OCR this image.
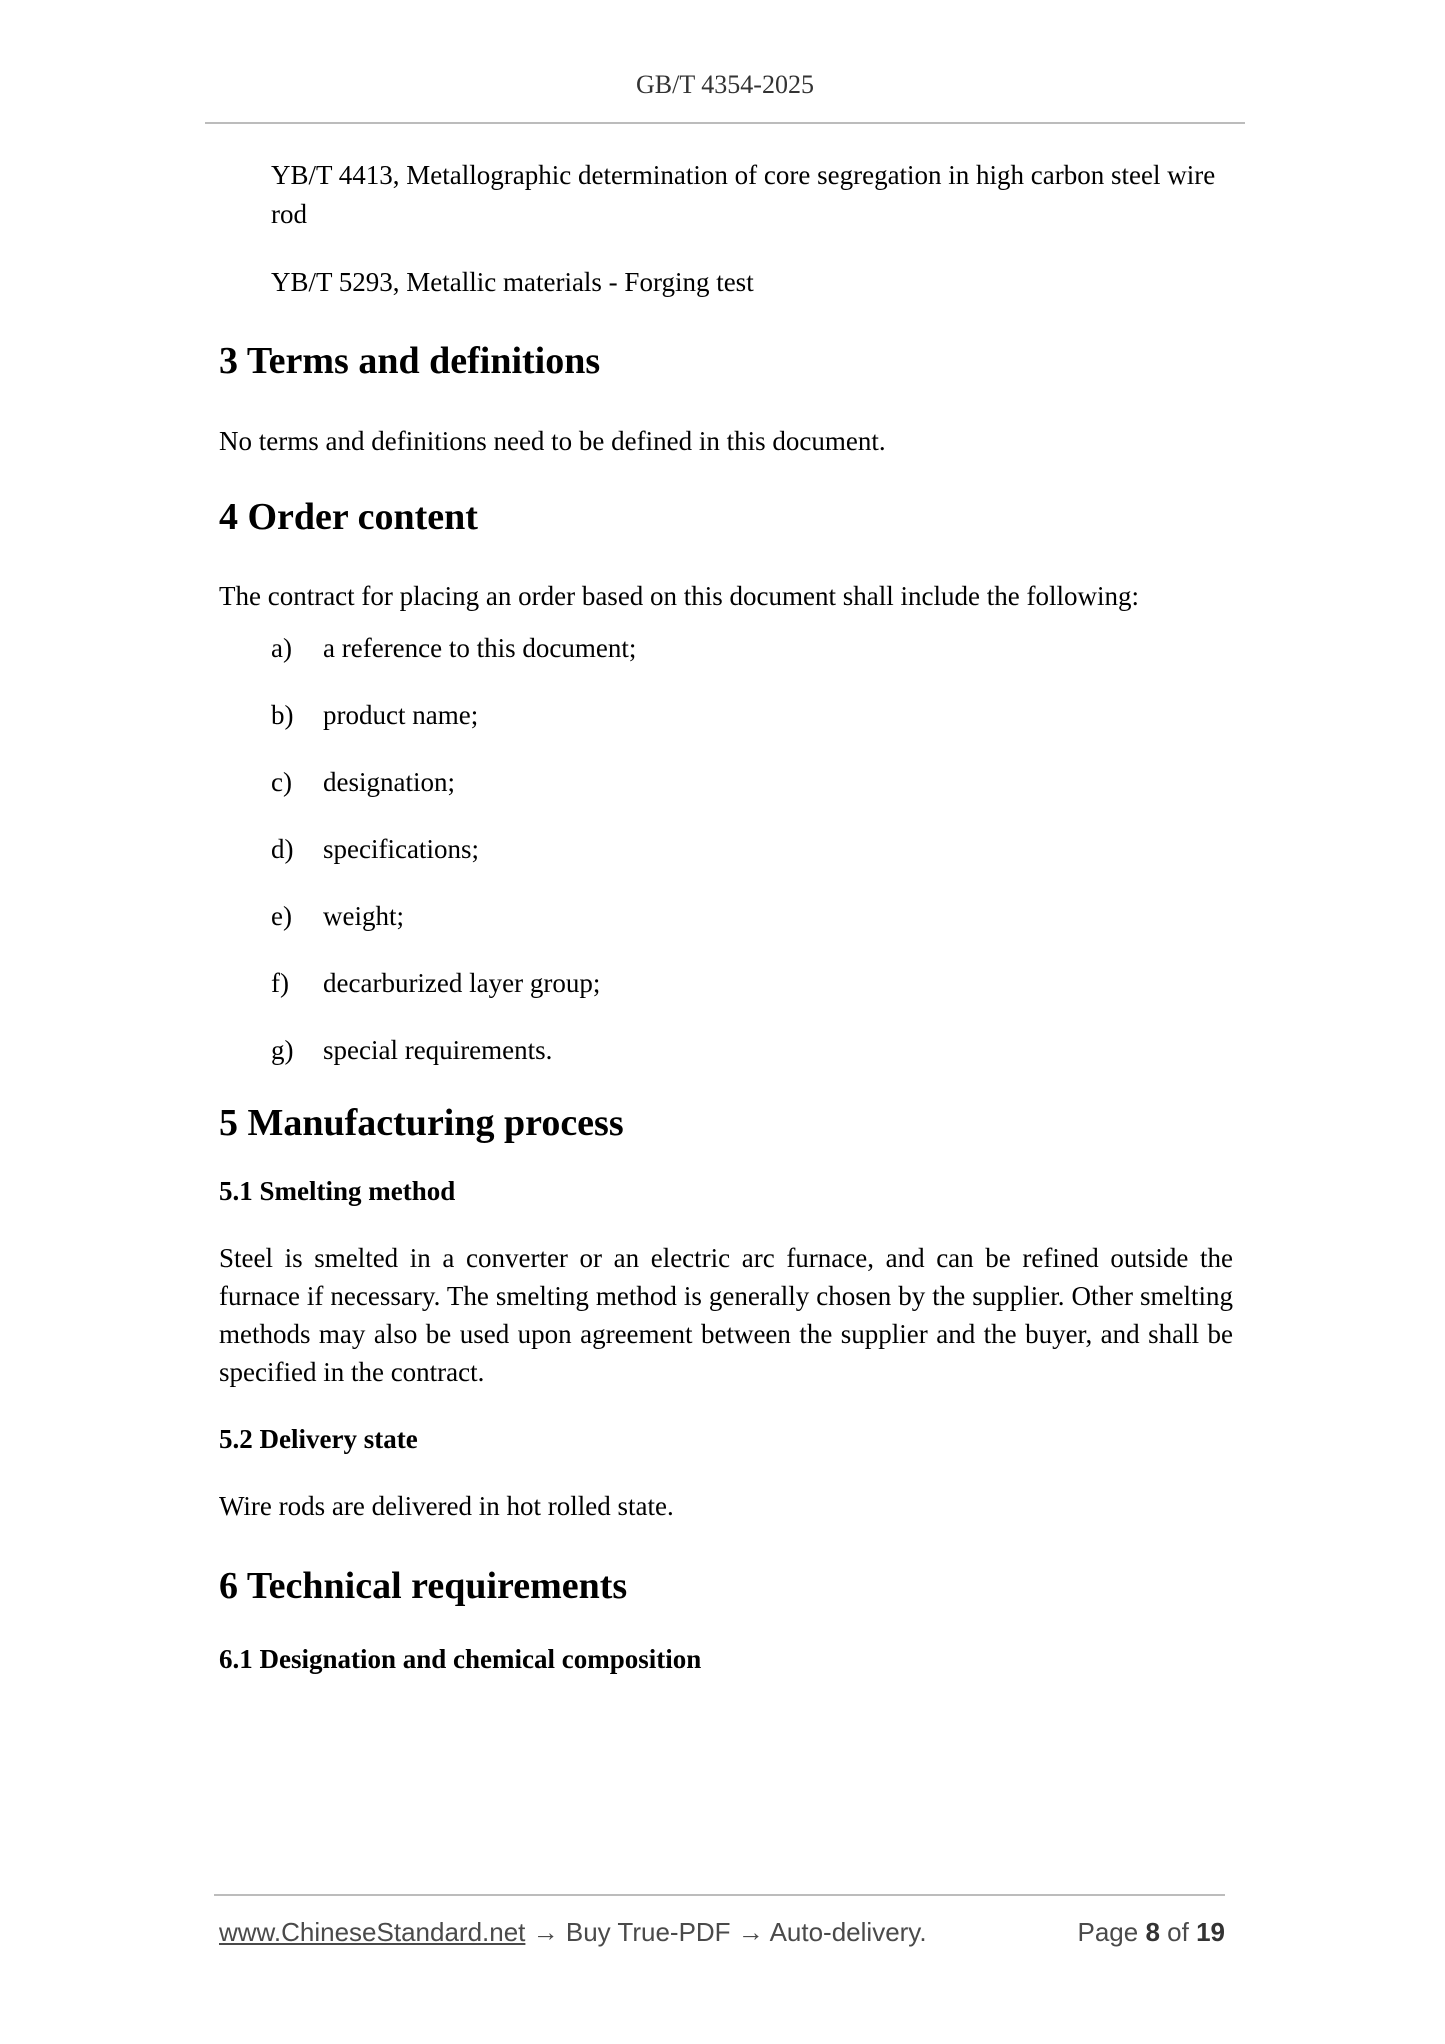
GB/T 4354-2025
YB/T 4413, Metallographic determination of core segregation in high carbon steel wire rod
YB/T 5293, Metallic materials - Forging test
3 Terms and definitions

No terms and definitions need to be defined in this document.

4 Order content

The contract for placing an order based on this document shall include the following:

a)	a reference to this document;
b)	product name;
c)	designation;
d)	specifications;
e)	weight;
f)	decarburized layer group;
g)	special requirements.
5 Manufacturing process
5.1 Smelting method

Steel is smelted in a converter or an electric arc furnace, and can be refined outside the furnace if necessary. The smelting method is generally chosen by the supplier. Other smelting methods may also be used upon agreement between the supplier and the buyer, and shall be specified in the contract.

5.2 Delivery state

Wire rods are delivered in hot rolled state.

6 Technical requirements
6.1 Designation and chemical composition
www.ChineseStandard.net → Buy True-PDF → Auto-delivery.	Page 8 of 19
